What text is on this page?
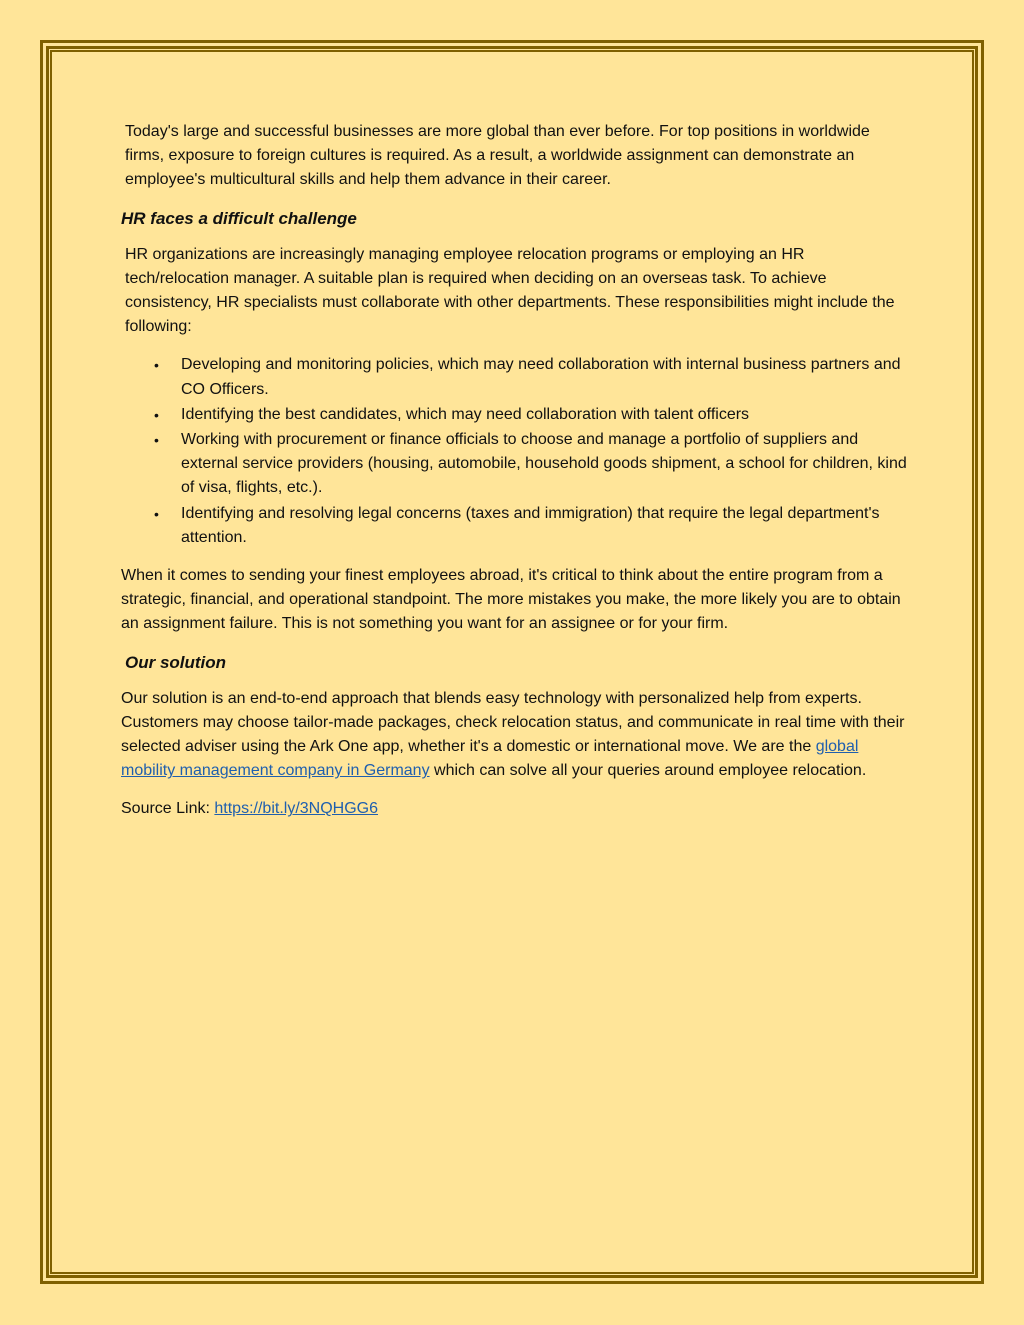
Today's large and successful businesses are more global than ever before. For top positions in worldwide firms, exposure to foreign cultures is required. As a result, a worldwide assignment can demonstrate an employee's multicultural skills and help them advance in their career.

HR faces a difficult challenge

HR organizations are increasingly managing employee relocation programs or employing an HR tech/relocation manager. A suitable plan is required when deciding on an overseas task. To achieve consistency, HR specialists must collaborate with other departments. These responsibilities might include the following:

• Developing and monitoring policies, which may need collaboration with internal business partners and CO Officers.
• Identifying the best candidates, which may need collaboration with talent officers
• Working with procurement or finance officials to choose and manage a portfolio of suppliers and external service providers (housing, automobile, household goods shipment, a school for children, kind of visa, flights, etc.).
• Identifying and resolving legal concerns (taxes and immigration) that require the legal department's attention.

When it comes to sending your finest employees abroad, it's critical to think about the entire program from a strategic, financial, and operational standpoint. The more mistakes you make, the more likely you are to obtain an assignment failure. This is not something you want for an assignee or for your firm.

Our solution

Our solution is an end-to-end approach that blends easy technology with personalized help from experts. Customers may choose tailor-made packages, check relocation status, and communicate in real time with their selected adviser using the Ark One app, whether it's a domestic or international move. We are the global mobility management company in Germany which can solve all your queries around employee relocation.

Source Link: https://bit.ly/3NQHGG6
